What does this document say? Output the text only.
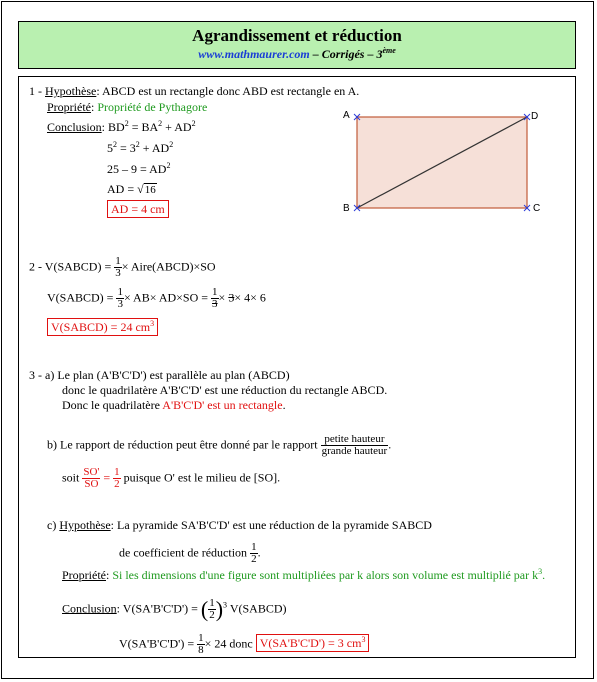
Agrandissement et réduction
www.mathmaurer.com – Corrigés – 3ème
1 - Hypothèse: ABCD est un rectangle donc ABD est rectangle en A.
Propriété: Propriété de Pythagore
Conclusion: $BD^2 = BA^2 + AD^2$
$5^2 = 3^2 + AD^2$
$25 - 9 = AD^2$
AD = √16
AD = 4 cm
A	D
B	C
2 - V(SABCD) = $\frac{1}{3}$ × Aire(ABCD)×SO
V(SABCD) = $\frac{1}{3} \times AB\times AD\times SO = \frac{1}{3} \times 3\times 4\times 6$
V(SABCD) = 24 $cm^3$
3 - a) Le plan (A'B'C'D') est parallèle au plan (ABCD)
donc le quadrilatère A'B'C'D' est une réduction du rectangle ABCD.
Donc le quadrilatère A'B'C'D' est un rectangle.
b) Le rapport de réduction peut être donné par le rapport $\frac{\text{petite hauteur}}{\text{grande hauteur}}$ .
soit $\frac{SO'}{SO} = \frac{1}{2}$ puisque O' est le milieu de [SO].
c) Hypothèse: La pyramide SA'B'C'D' est une réduction de la pyramide SABCD
de coefficient de réduction $\frac{1}{2}$ .
Propriété: Si les dimensions d'une figure sont multipliées par k alors son volume est multiplié par $k^3$.
Conclusion: V(SA'B'C'D') = ( $\frac{1}{2} )^3$ V(SABCD)
$V(SA'B'C'D') = \frac{1}{8} \times 24$ donc V(SA'B'C'D') = 3 $cm^3$
